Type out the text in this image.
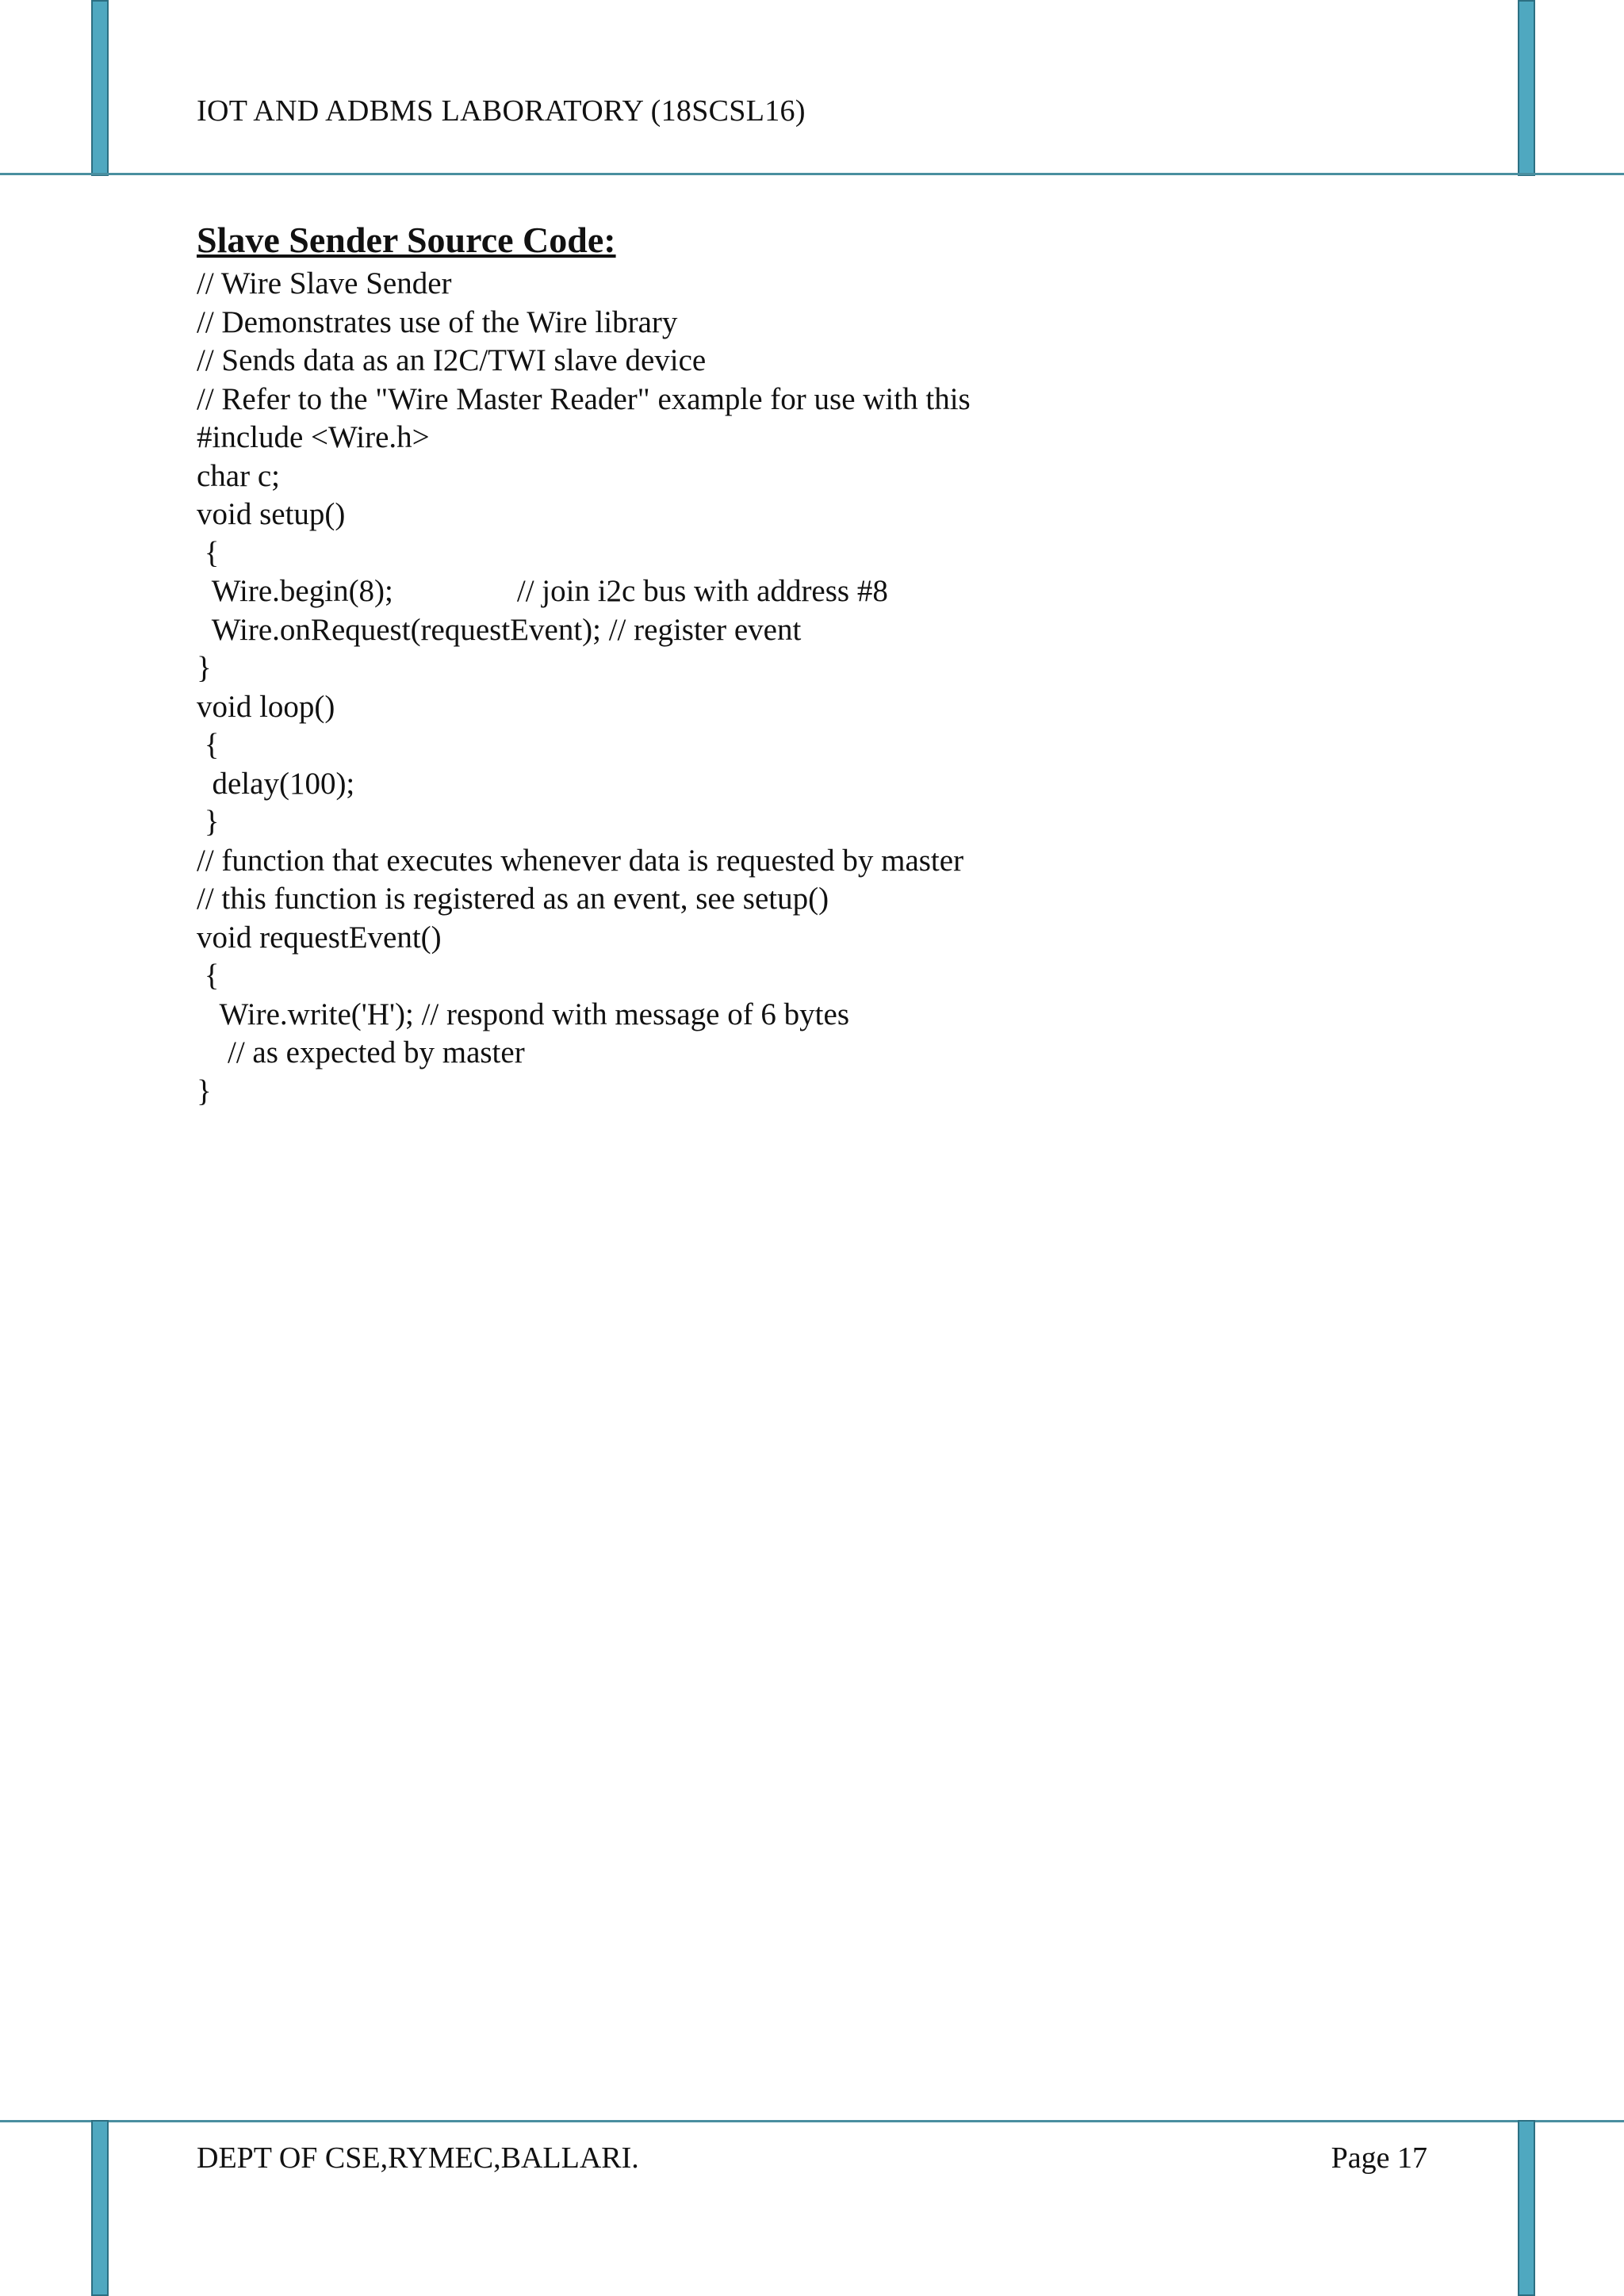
IOT AND ADBMS LABORATORY (18SCSL16)

Slave Sender Source Code:

// Wire Slave Sender

// Demonstrates use of the Wire library

// Sends data as an I2C/TWI slave device

// Refer to the "Wire Master Reader" example for use with this

#include <Wire.h>

char c;

void setup()

{

Wire.begin(8);                // join i2c bus with address #8

Wire.onRequest(requestEvent); // register event

}

void loop()

{

delay(100);

}

// function that executes whenever data is requested by master

// this function is registered as an event, see setup()

void requestEvent()

{

Wire.write('H'); // respond with message of 6 bytes

// as expected by master

}

DEPT OF CSE,RYMEC,BALLARI.	Page 17
